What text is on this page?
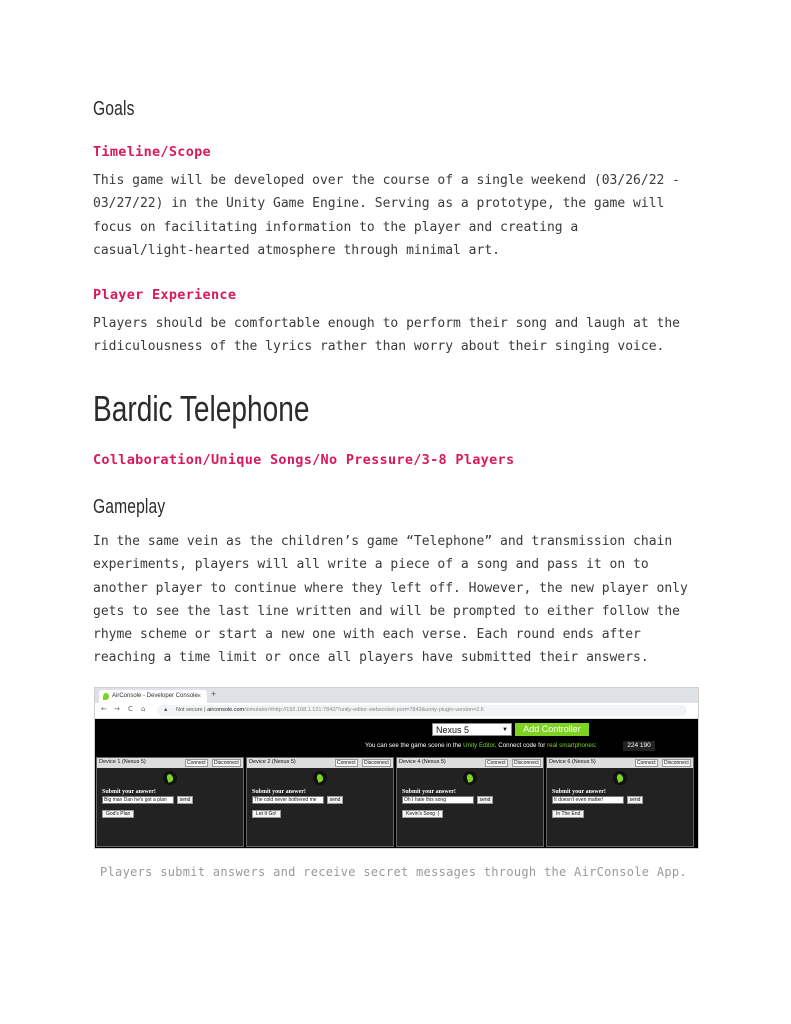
Goals
Timeline/Scope
This game will be developed over the course of a single weekend (03/26/22 -
03/27/22) in the Unity Game Engine. Serving as a prototype, the game will
focus on facilitating information to the player and creating a
casual/light-hearted atmosphere through minimal art.
Player Experience
Players should be comfortable enough to perform their song and laugh at the
ridiculousness of the lyrics rather than worry about their singing voice.
Bardic Telephone
Collaboration/Unique Songs/No Pressure/3-8 Players
Gameplay
In the same vein as the children’s game “Telephone” and transmission chain
experiments, players will all write a piece of a song and pass it on to
another player to continue where they left off. However, the new player only
gets to see the last line written and will be prompted to either follow the
rhyme scheme or start a new one with each verse. Each round ends after
reaching a time limit or once all players have submitted their answers.
AirConsole - Developer Console × +
← → C ⌂	▲ Not secure | airconsole.com/simulator/#http://192.168.1.121:7842/?unity-editor-websocket-port=7843&unity-plugin-version=2.6
Nexus 5	▼	Add Controller
You can see the game scene in the Unity Editor. Connect code for real smartphones:	224 190
Device 1 (Nexus 5)	Connect	Disconnect
Submit your answer!
Big man Dan he's got a plan	send
God's Plan
Device 2 (Nexus 5)	Connect	Disconnect
Submit your answer!
The cold never bothered me	send
Let It Go!
Device 4 (Nexus 5)	Connect	Disconnect
Submit your answer!
Oh I hate this song	send
Kevin's Song :)
Device 6 (Nexus 5)	Connect	Disconnect
Submit your answer!
It doesn't even matter!	send
In The End
Players submit answers and receive secret messages through the AirConsole App.
